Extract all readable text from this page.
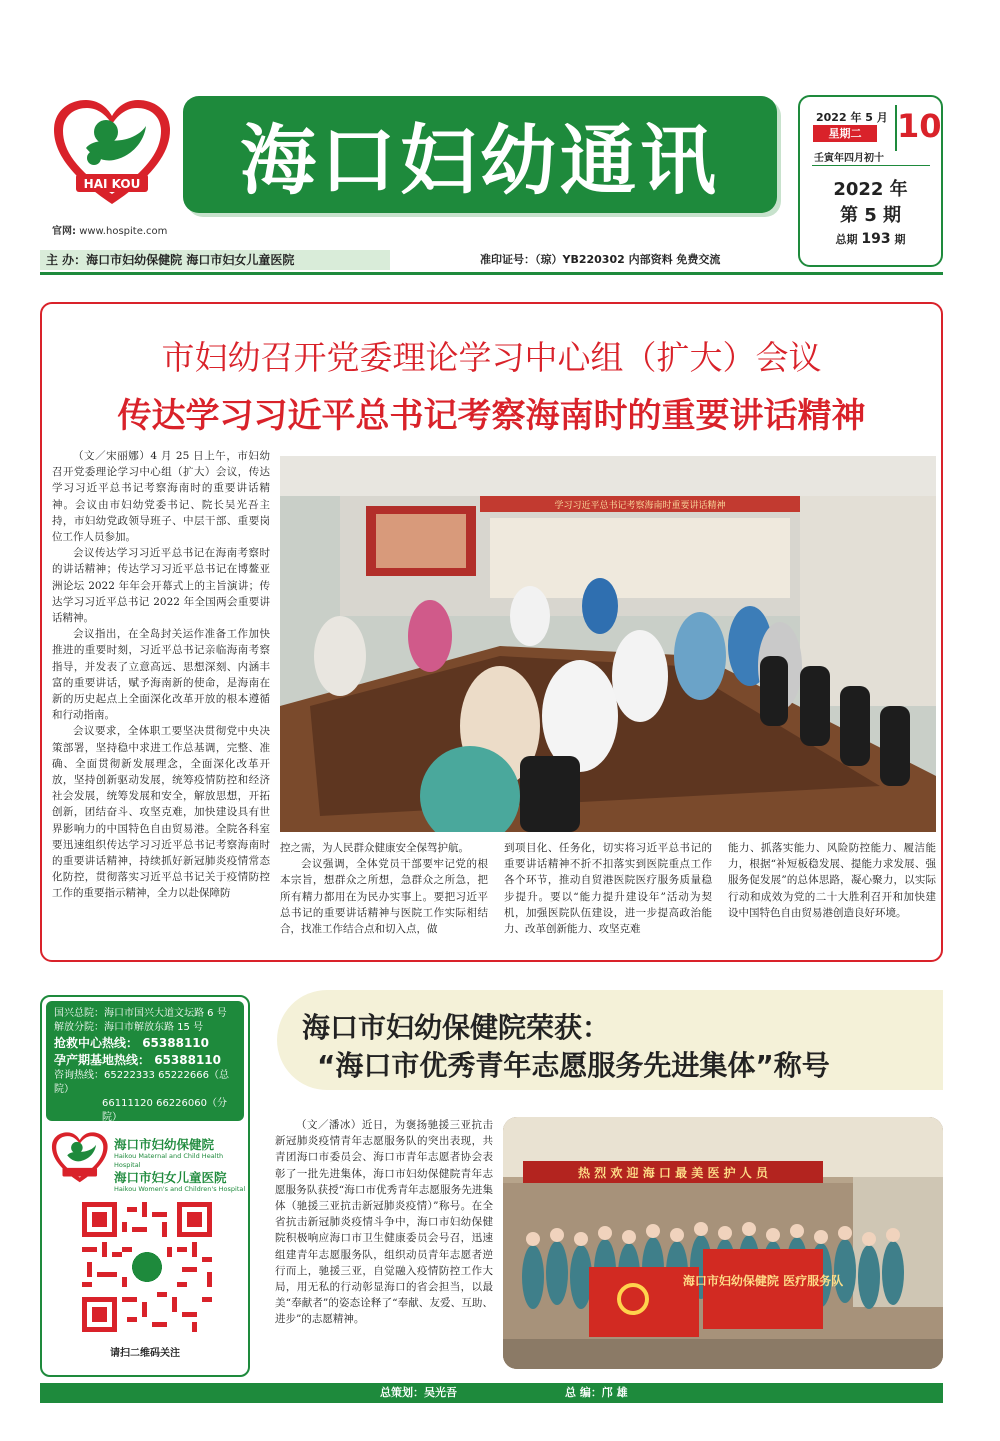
HAI KOU
官网: www.hospite.com
海口妇幼通讯	2022 年 5 月
星期二	10
壬寅年四月初十
2022 年
第 5 期
总期 193 期
主 办：海口市妇幼保健院 海口市妇女儿童医院	准印证号：（琼）YB220302 内部资料 免费交流
市妇幼召开党委理论学习中心组（扩大）会议
传达学习习近平总书记考察海南时的重要讲话精神

（文／宋丽娜）4 月 25 日上午，市妇幼召开党委理论学习中心组（扩大）会议，传达学习习近平总书记考察海南时的重要讲话精神。会议由市妇幼党委书记、院长吴光吾主持，市妇幼党政领导班子、中层干部、重要岗位工作人员参加。

会议传达学习习近平总书记在海南考察时的讲话精神；传达学习习近平总书记在博鳌亚洲论坛 2022 年年会开幕式上的主旨演讲；传达学习习近平总书记 2022 年全国两会重要讲话精神。

会议指出，在全岛封关运作准备工作加快推进的重要时刻，习近平总书记亲临海南考察指导，并发表了立意高远、思想深刻、内涵丰富的重要讲话，赋予海南新的使命，是海南在新的历史起点上全面深化改革开放的根本遵循和行动指南。

会议要求，全体职工要坚决贯彻党中央决策部署，坚持稳中求进工作总基调，完整、准确、全面贯彻新发展理念，全面深化改革开放，坚持创新驱动发展，统筹疫情防控和经济社会发展，统筹发展和安全，解放思想，开拓创新，团结奋斗、攻坚克难，加快建设具有世界影响力的中国特色自由贸易港。全院各科室要迅速组织传达学习习近平总书记考察海南时的重要讲话精神，持续抓好新冠肺炎疫情常态化防控，贯彻落实习近平总书记关于疫情防控工作的重要指示精神，全力以赴保障防

学习习近平总书记考察海南时重要讲话精神

控之需，为人民群众健康安全保驾护航。

会议强调，全体党员干部要牢记党的根本宗旨，想群众之所想，急群众之所急，把所有精力都用在为民办实事上。要把习近平总书记的重要讲话精神与医院工作实际相结合，找准工作结合点和切入点，做

到项目化、任务化，切实将习近平总书记的重要讲话精神不折不扣落实到医院重点工作各个环节，推动自贸港医院医疗服务质量稳步提升。要以“能力提升建设年”活动为契机，加强医院队伍建设，进一步提高政治能力、改革创新能力、攻坚克难

能力、抓落实能力、风险防控能力、履洁能力，根据“补短板稳发展、提能力求发展、强服务促发展”的总体思路，凝心聚力，以实际行动和成效为党的二十大胜利召开和加快建设中国特色自由贸易港创造良好环境。

国兴总院：海口市国兴大道文坛路 6 号
解放分院：海口市解放东路 15 号
抢救中心热线： 65388110
孕产期基地热线： 65388110
咨询热线：65222333 65222666（总院）
66111120 66226060（分院）
海口市妇幼保健院
Haikou Maternal and Child Health Hospital
海口市妇女儿童医院
Haikou Women's and Children's Hospital
请扫二维码关注
海口市妇幼保健院荣获：
“海口市优秀青年志愿服务先进集体”称号

（文／潘冰）近日，为褒扬驰援三亚抗击新冠肺炎疫情青年志愿服务队的突出表现，共青团海口市委员会、海口市青年志愿者协会表彰了一批先进集体，海口市妇幼保健院青年志愿服务队获授“海口市优秀青年志愿服务先进集体（驰援三亚抗击新冠肺炎疫情）”称号。在全省抗击新冠肺炎疫情斗争中，海口市妇幼保健院积极响应海口市卫生健康委员会号召，迅速组建青年志愿服务队，组织动员青年志愿者逆行而上，驰援三亚，自觉融入疫情防控工作大局，用无私的行动彰显海口的省会担当，以最美“奉献者”的姿态诠释了“奉献、友爱、互助、进步”的志愿精神。

热 烈 欢 迎 海 口 最 美 医 护 人 员
海口市妇幼保健院 医疗服务队
总策划：吴光吾	总 编：邝 雄
